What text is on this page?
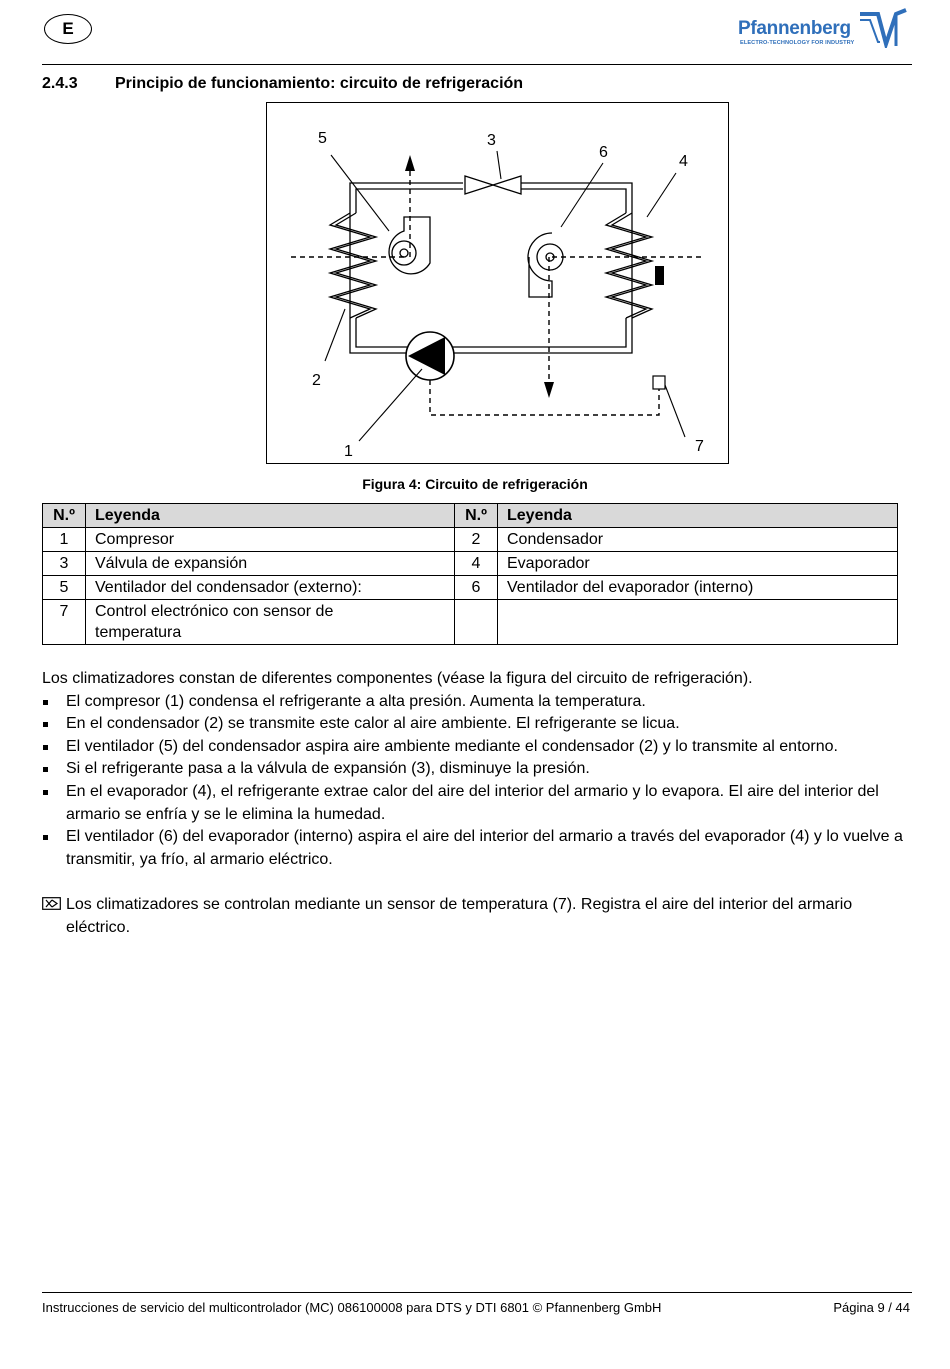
E	Pfannenberg
ELECTRO-TECHNOLOGY FOR INDUSTRY
2.4.3 Principio de funcionamiento: circuito de refrigeración
5	3
6
4
2
1	7
Figura 4: Circuito de refrigeración
N.º	Leyenda	N.º	Leyenda
1	Compresor	2	Condensador
3	Válvula de expansión	4	Evaporador
5	Ventilador del condensador (externo):	6	Ventilador del evaporador (interno)
7	Control electrónico con sensor de temperatura		

Los climatizadores constan de diferentes componentes (véase la figura del circuito de refrigeración).

El compresor (1) condensa el refrigerante a alta presión. Aumenta la temperatura.
En el condensador (2) se transmite este calor al aire ambiente. El refrigerante se licua.
El ventilador (5) del condensador aspira aire ambiente mediante el condensador (2) y lo transmite al entorno.
Si el refrigerante pasa a la válvula de expansión (3), disminuye la presión.
En el evaporador (4), el refrigerante extrae calor del aire del interior del armario y lo evapora. El aire del interior del armario se enfría y se le elimina la humedad.
El ventilador (6) del evaporador (interno) aspira el aire del interior del armario a través del evaporador (4) y lo vuelve a transmitir, ya frío, al armario eléctrico.

Los climatizadores se controlan mediante un sensor de temperatura (7). Registra el aire del interior del armario eléctrico.

Instrucciones de servicio del multicontrolador (MC) 086100008 para DTS y DTI 6801 © Pfannenberg GmbH	Página 9 / 44
